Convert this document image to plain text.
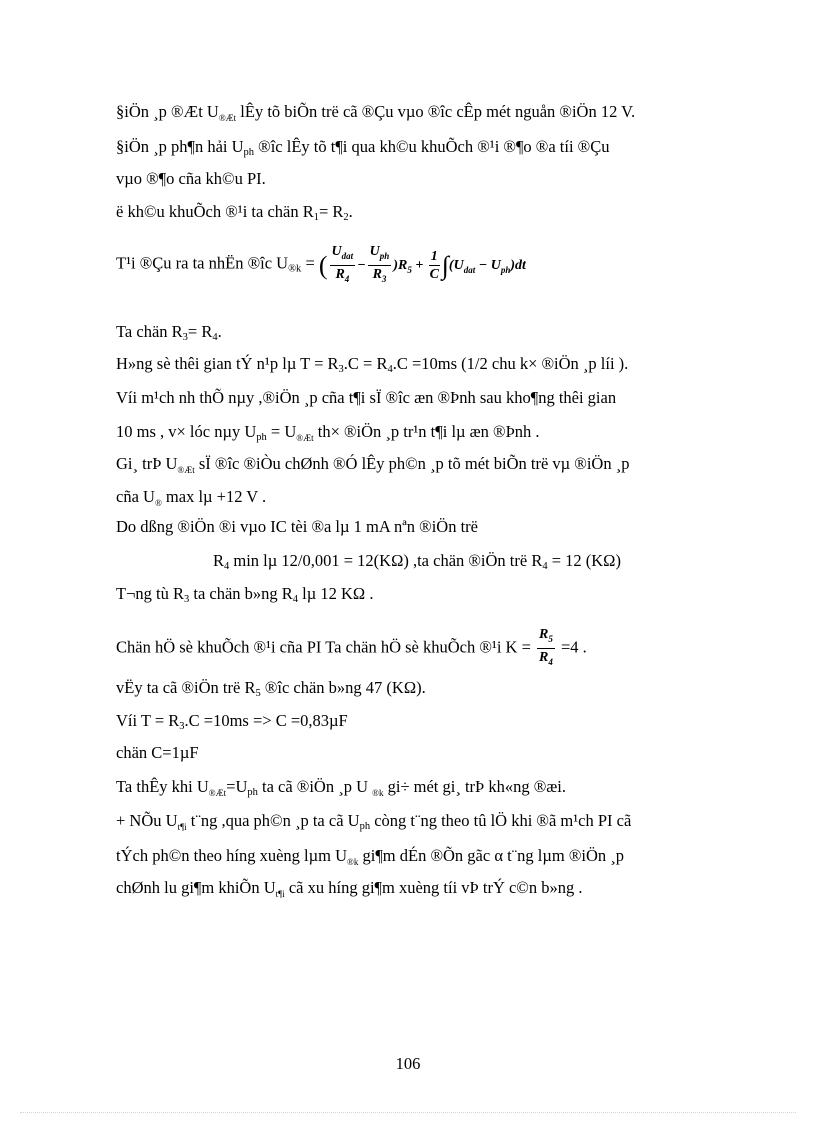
§iÖn ¸p ®Æt $U_{®Æt}$ lÊy tõ biÕn trë cã ®Çu vµo ®îc cÊp mét nguån ®iÖn 12 V.
§iÖn ¸p ph¶n hải $U_{ph}$ ®îc lÊy tõ t¶i qua kh©u khuÕch ®¹i ®¶o ®a tíi ®Çu
vµo ®¶o cña kh©u PI.
ë kh©u khuÕch ®¹i ta chän $R_1= R_2$.
T¹i ®Çu ra ta nhËn ®îc $U_{®k}$ = ( $\frac{U_{dat}}{R_4} - \frac{U_{ph}}{R_3} )R_5 + \frac{1}{C} \int(U_{dat} - U_{ph})dt$
Ta chän $R_3= R_4$.
H»ng sè thêi gian tÝ n¹p lµ $T = R_3.C = R_4.C =10ms$ (1/2 chu k× ®iÖn ¸p líi ).
Víi m¹ch nh thÕ nµy ,®iÖn ¸p cña t¶i sÏ ®îc æn ®Þnh sau kho¶ng thêi gian
10 ms , v× lóc nµy $U_{ph} = U_{®Æt}$ th× ®iÖn ¸p tr¹n t¶i lµ æn ®Þnh .
Gi¸ trÞ $U_{®Æt}$ sÏ ®îc ®iÒu chØnh ®Ó lÊy ph©n ¸p tõ mét biÕn trë vµ ®iÖn ¸p
cña $U_®$ max lµ +12 V .
Do dßng ®iÖn ®i vµo IC tèi ®a lµ 1 mA nªn ®iÖn trë
$R_4$ min lµ 12/0,001 = 12(KΩ) ,ta chän ®iÖn trë $R_4 = 12$ (KΩ)
T¬ng tù $R_3$ ta chän b»ng $R_4$ lµ 12 KΩ .
Chän hÖ sè khuÕch ®¹i cña PI Ta chän hÖ sè khuÕch ®¹i $K = \frac{R_5}{R_4} =4$ .
vËy ta cã ®iÖn trë $R_5$ ®îc chän b»ng 47 (KΩ).
Víi $T = R_3.C =10ms => C =0,83\mu F$
chän C=1µF
Ta thÊy khi $U_{®Æt}=U_{ph}$ ta cã ®iÖn ¸p U $_{®k}$ gi÷ mét gi¸ trÞ kh«ng ®æi.
+ NÕu $U_{t\P i}$ t¨ng ,qua ph©n ¸p ta cã $U_{ph}$ còng t¨ng theo tû lÖ khi ®ã m¹ch PI cã
tÝch ph©n theo híng xuèng lµm $U_{®k}$ gi¶m dÉn ®Õn gãc α t¨ng lµm ®iÖn ¸p
chØnh lu gi¶m khiÕn $U_{t\P i}$ cã xu híng gi¶m xuèng tíi vÞ trÝ c©n b»ng .
106
